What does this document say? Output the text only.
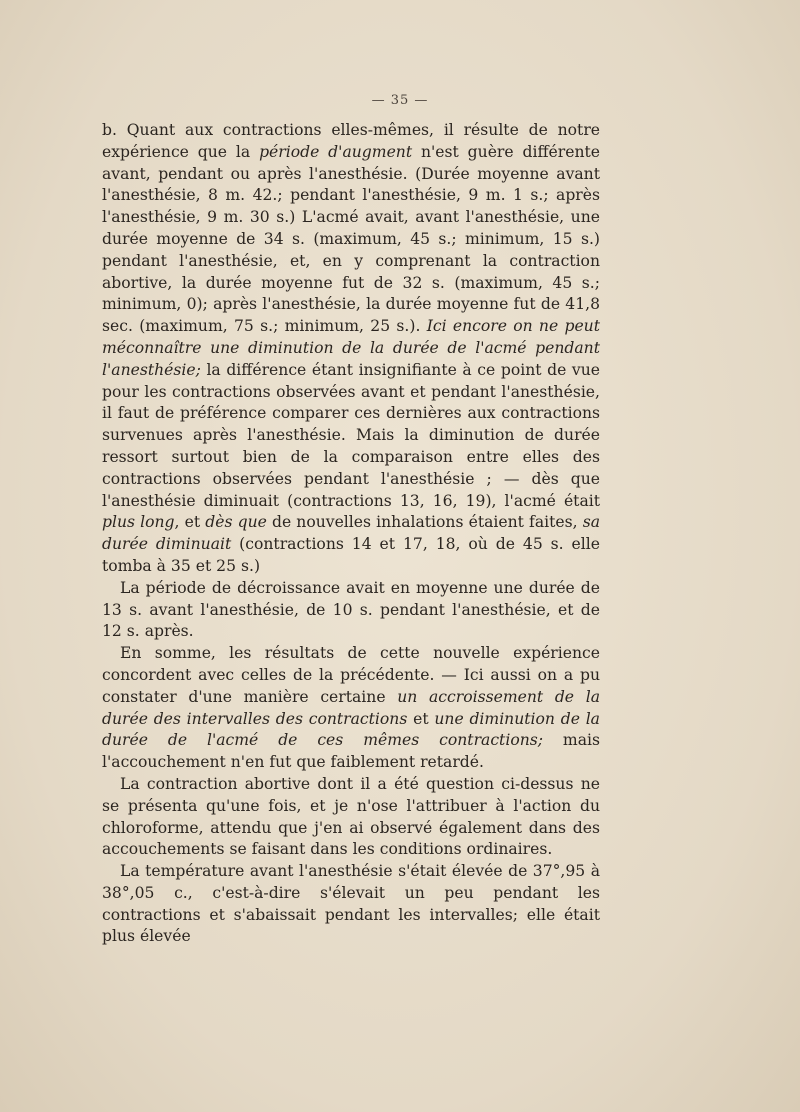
— 35 —

b. Quant aux contractions elles-mêmes, il résulte de notre expérience que la période d'augment n'est guère différente avant, pendant ou après l'anesthésie. (Durée moyenne avant l'anesthésie, 8 m. 42.; pendant l'anesthésie, 9 m. 1 s.; après l'anesthésie, 9 m. 30 s.) L'acmé avait, avant l'anesthésie, une durée moyenne de 34 s. (maximum, 45 s.; minimum, 15 s.) pendant l'anesthésie, et, en y comprenant la contraction abortive, la durée moyenne fut de 32 s. (maximum, 45 s.; minimum, 0); après l'anesthésie, la durée moyenne fut de 41,8 sec. (maximum, 75 s.; minimum, 25 s.). Ici encore on ne peut méconnaître une diminution de la durée de l'acmé pendant l'anesthésie; la différence étant insignifiante à ce point de vue pour les contractions observées avant et pendant l'anesthésie, il faut de préférence comparer ces dernières aux contractions survenues après l'anesthésie. Mais la diminution de durée ressort surtout bien de la comparaison entre elles des contractions observées pendant l'anesthésie ; — dès que l'anesthésie diminuait (contractions 13, 16, 19), l'acmé était plus long, et dès que de nouvelles inhalations étaient faites, sa durée diminuait (contractions 14 et 17, 18, où de 45 s. elle tomba à 35 et 25 s.)

La période de décroissance avait en moyenne une durée de 13 s. avant l'anesthésie, de 10 s. pendant l'anesthésie, et de 12 s. après.

En somme, les résultats de cette nouvelle expérience concordent avec celles de la précédente. — Ici aussi on a pu constater d'une manière certaine un accroissement de la durée des intervalles des contractions et une diminution de la durée de l'acmé de ces mêmes contractions; mais l'accouchement n'en fut que faiblement retardé.

La contraction abortive dont il a été question ci-dessus ne se présenta qu'une fois, et je n'ose l'attribuer à l'action du chloroforme, attendu que j'en ai observé également dans des accouchements se faisant dans les conditions ordinaires.

La température avant l'anesthésie s'était élevée de 37°,95 à 38°,05 c., c'est-à-dire s'élevait un peu pendant les contractions et s'abaissait pendant les intervalles; elle était plus élevée
